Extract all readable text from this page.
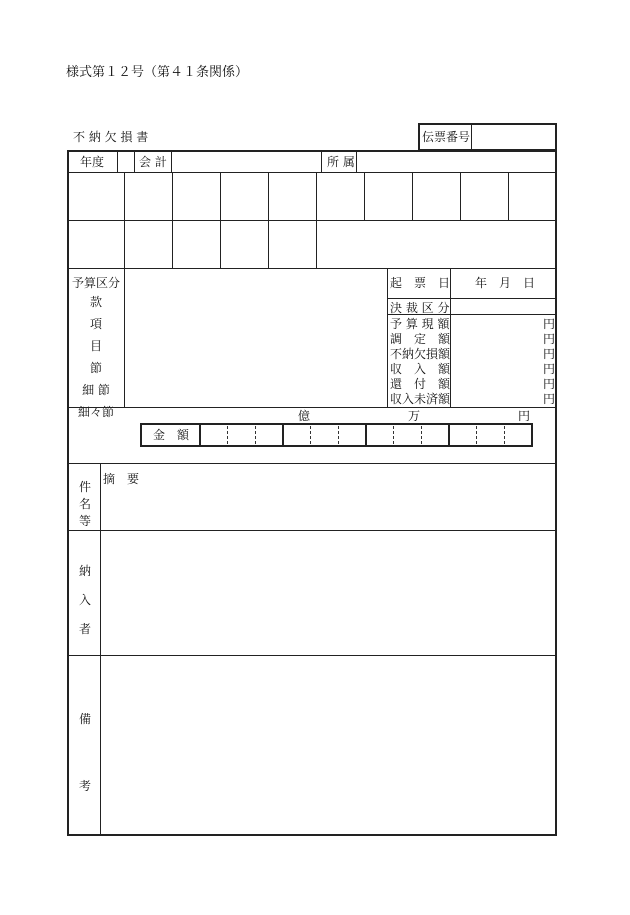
様式第１２号（第４１条関係）
不 納 欠 損 書	伝票番号
年度	会 計	所 属
予算区分
款
項
目
節
細 節
細々節
起　票　日 年　月　日
決 裁 区 分
予 算 現 額	円
調　定　額	円
不納欠損額	円
収　入　額	円
還　付　額	円
収入未済額	円
億	万	円
金　額
件
名
等
摘　要
納
入
者
備
考
